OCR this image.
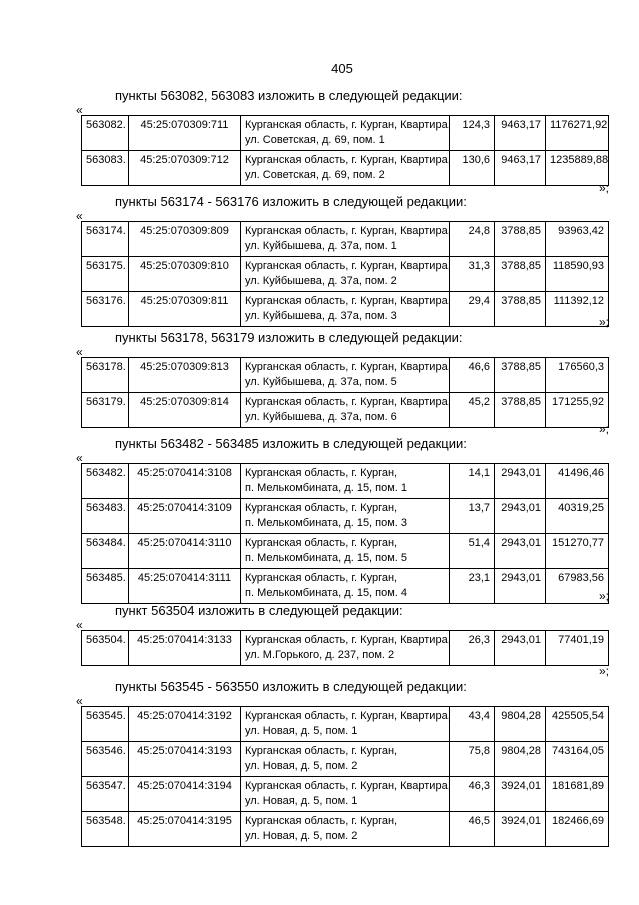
405
пункты 563082, 563083 изложить в следующей редакции:
«
563082.	45:25:070309:711	Курганская область, г. Курган, Квартира,
ул. Советская, д. 69, пом. 1	124,3	9463,17	1176271,92
563083.	45:25:070309:712	Курганская область, г. Курган, Квартира,
ул. Советская, д. 69, пом. 2	130,6	9463,17	1235889,88
»;
пункты 563174 - 563176 изложить в следующей редакции:
«
563174.	45:25:070309:809	Курганская область, г. Курган, Квартира,
ул. Куйбышева, д. 37а, пом. 1	24,8	3788,85	93963,42
563175.	45:25:070309:810	Курганская область, г. Курган, Квартира,
ул. Куйбышева, д. 37а, пом. 2	31,3	3788,85	118590,93
563176.	45:25:070309:811	Курганская область, г. Курган, Квартира,
ул. Куйбышева, д. 37а, пом. 3	29,4	3788,85	111392,12
»;
пункты 563178, 563179 изложить в следующей редакции:
«
563178.	45:25:070309:813	Курганская область, г. Курган, Квартира,
ул. Куйбышева, д. 37а, пом. 5	46,6	3788,85	176560,3
563179.	45:25:070309:814	Курганская область, г. Курган, Квартира,
ул. Куйбышева, д. 37а, пом. 6	45,2	3788,85	171255,92
»;
пункты 563482 - 563485 изложить в следующей редакции:
«
563482.	45:25:070414:3108	Курганская область, г. Курган,
п. Мелькомбината, д. 15, пом. 1	14,1	2943,01	41496,46
563483.	45:25:070414:3109	Курганская область, г. Курган,
п. Мелькомбината, д. 15, пом. 3	13,7	2943,01	40319,25
563484.	45:25:070414:3110	Курганская область, г. Курган,
п. Мелькомбината, д. 15, пом. 5	51,4	2943,01	151270,77
563485.	45:25:070414:3111	Курганская область, г. Курган,
п. Мелькомбината, д. 15, пом. 4	23,1	2943,01	67983,56
»;
пункт 563504 изложить в следующей редакции:
«
563504.	45:25:070414:3133	Курганская область, г. Курган, Квартира,
ул. М.Горького, д. 237, пом. 2
	26,3	2943,01	77401,19
»;
пункты 563545 - 563550 изложить в следующей редакции:
«
563545.	45:25:070414:3192	Курганская область, г. Курган, Квартира,
ул. Новая, д. 5, пом. 1	43,4	9804,28	425505,54
563546.	45:25:070414:3193	Курганская область, г. Курган,
ул. Новая, д. 5, пом. 2	75,8	9804,28	743164,05
563547.	45:25:070414:3194	Курганская область, г. Курган, Квартира,
ул. Новая, д. 5, пом. 1	46,3	3924,01	181681,89
563548.	45:25:070414:3195	Курганская область, г. Курган,
ул. Новая, д. 5, пом. 2	46,5	3924,01	182466,69
